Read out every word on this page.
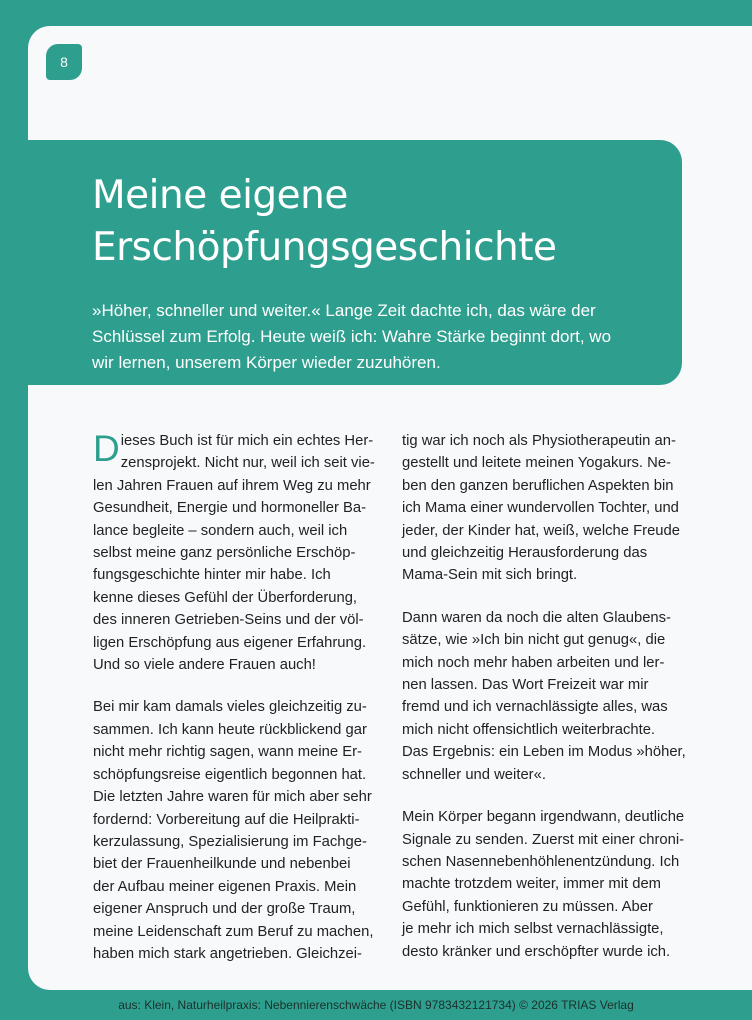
8
Meine eigene
Erschöpfungsgeschichte

»Höher, schneller und weiter.« Lange Zeit dachte ich, das wäre der
Schlüssel zum Erfolg. Heute weiß ich: Wahre Stärke beginnt dort, wo
wir lernen, unserem Körper wieder zuzuhören.

D ieses Buch ist für mich ein echtes Her-
zensprojekt. Nicht nur, weil ich seit vie-
len Jahren Frauen auf ihrem Weg zu mehr
Gesundheit, Energie und hormoneller Ba-
lance begleite – sondern auch, weil ich
selbst meine ganz persönliche Erschöp-
fungsgeschichte hinter mir habe. Ich
kenne dieses Gefühl der Überforderung,
des inneren Getrieben-Seins und der völ-
ligen Erschöpfung aus eigener Erfahrung.
Und so viele andere Frauen auch!

Bei mir kam damals vieles gleichzeitig zu-
sammen. Ich kann heute rückblickend gar
nicht mehr richtig sagen, wann meine Er-
schöpfungsreise eigentlich begonnen hat.
Die letzten Jahre waren für mich aber sehr
fordernd: Vorbereitung auf die Heilprakti-
kerzulassung, Spezialisierung im Fachge-
biet der Frauenheilkunde und nebenbei
der Aufbau meiner eigenen Praxis. Mein
eigener Anspruch und der große Traum,
meine Leidenschaft zum Beruf zu machen,
haben mich stark angetrieben. Gleichzei-

tig war ich noch als Physiotherapeutin an-
gestellt und leitete meinen Yogakurs. Ne-
ben den ganzen beruflichen Aspekten bin
ich Mama einer wundervollen Tochter, und
jeder, der Kinder hat, weiß, welche Freude
und gleichzeitig Herausforderung das
Mama-Sein mit sich bringt.

Dann waren da noch die alten Glaubens-
sätze, wie »Ich bin nicht gut genug«, die
mich noch mehr haben arbeiten und ler-
nen lassen. Das Wort Freizeit war mir
fremd und ich vernachlässigte alles, was
mich nicht offensichtlich weiterbrachte.
Das Ergebnis: ein Leben im Modus »höher,
schneller und weiter«.

Mein Körper begann irgendwann, deutliche
Signale zu senden. Zuerst mit einer chroni-
schen Nasennebenhöhlenentzündung. Ich
machte trotzdem weiter, immer mit dem
Gefühl, funktionieren zu müssen. Aber
je mehr ich mich selbst vernachlässigte,
desto kränker und erschöpfter wurde ich.

aus: Klein, Naturheilpraxis: Nebennierenschwäche (ISBN 9783432121734) © 2026 TRIAS Verlag
